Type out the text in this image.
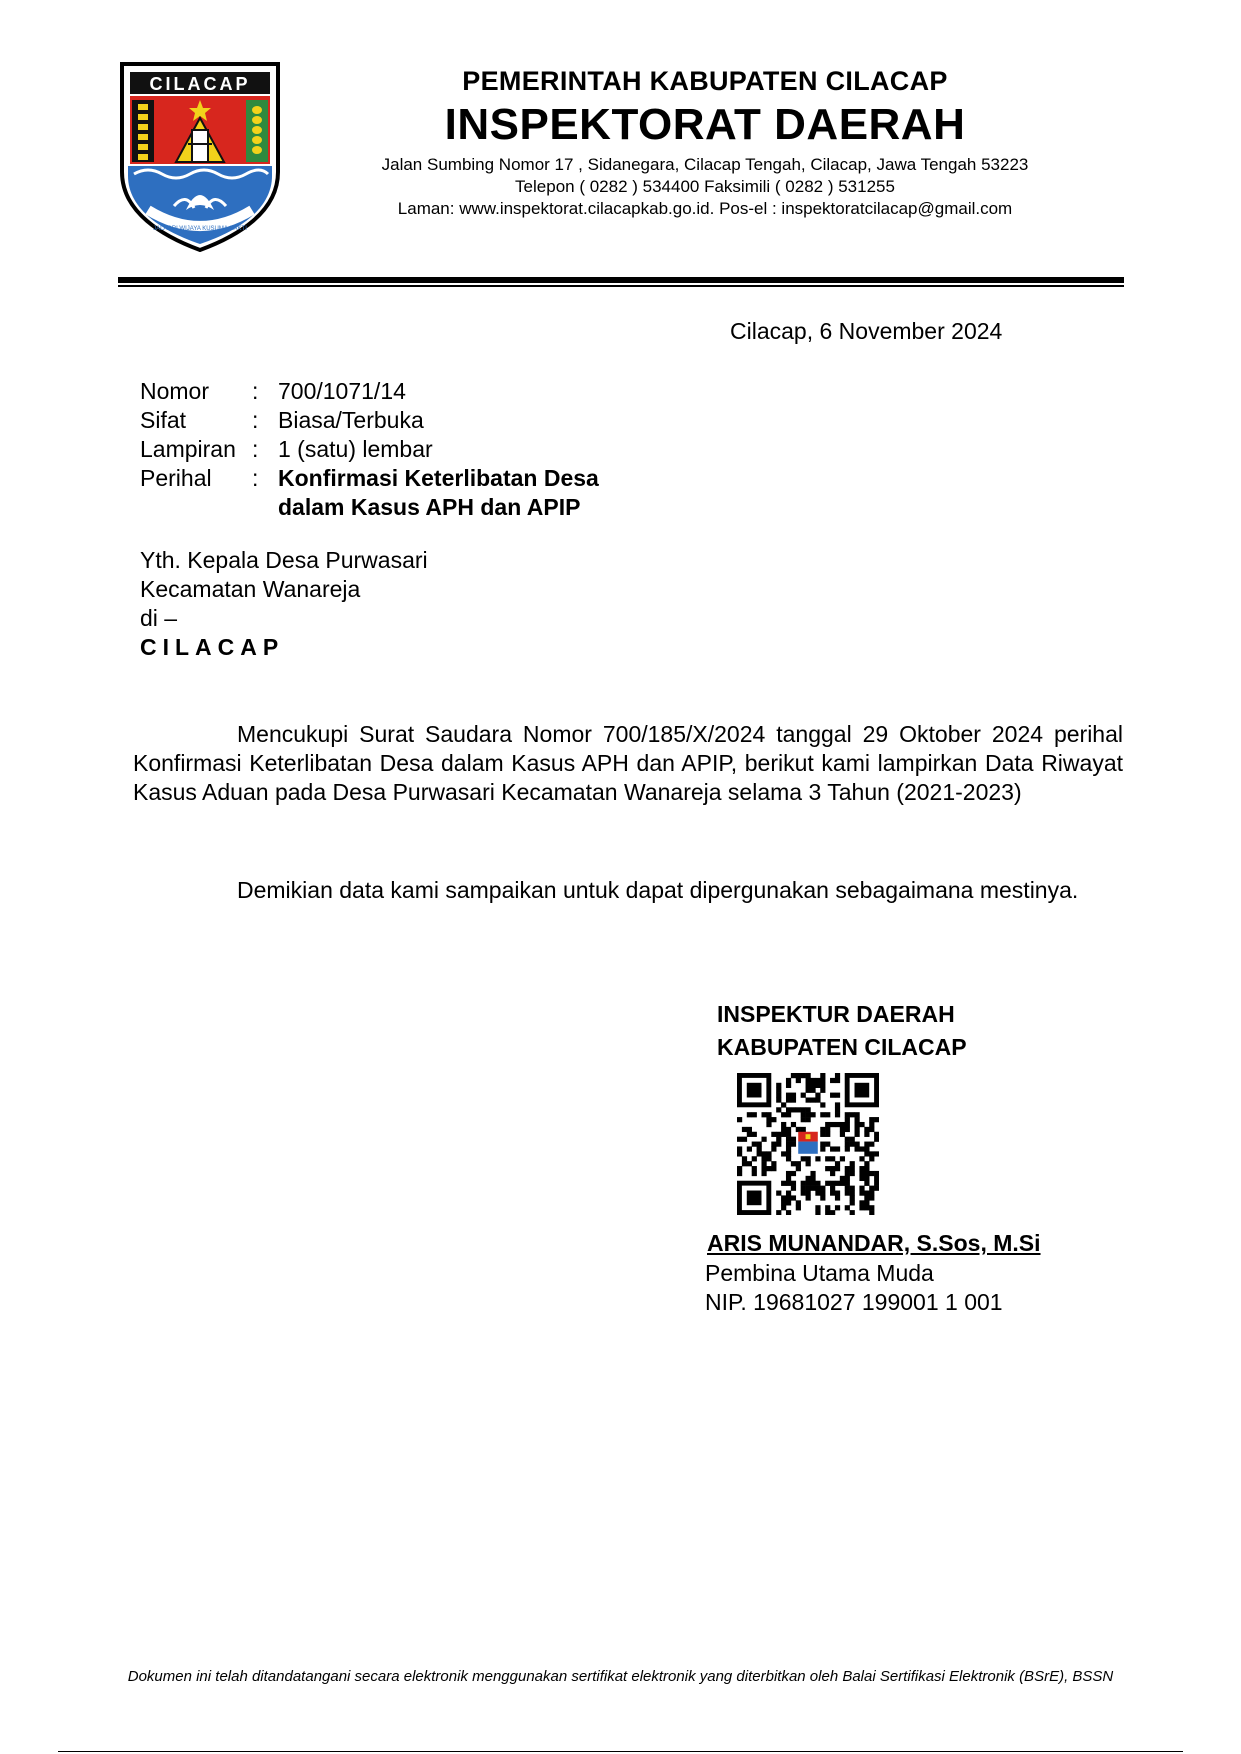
CILACAP
JALADRI WIJAYA KUSUMA CAKTI
PEMERINTAH KABUPATEN CILACAP
INSPEKTORAT DAERAH
Jalan Sumbing Nomor 17 , Sidanegara, Cilacap Tengah, Cilacap, Jawa Tengah 53223
Telepon ( 0282 ) 534400 Faksimili ( 0282 ) 531255
Laman: www.inspektorat.cilacapkab.go.id. Pos-el : inspektoratcilacap@gmail.com
Cilacap, 6 November 2024
Nomor	: 700/1071/14
Sifat	: Biasa/Terbuka
Lampiran : 1 (satu) lembar
Perihal	: Konfirmasi Keterlibatan Desa dalam Kasus APH dan APIP
Yth. Kepala Desa Purwasari
Kecamatan Wanareja
di –
CILACAP
Mencukupi Surat Saudara Nomor 700/185/X/2024 tanggal 29 Oktober 2024 perihal Konfirmasi Keterlibatan Desa dalam Kasus APH dan APIP, berikut kami lampirkan Data Riwayat Kasus Aduan pada Desa Purwasari Kecamatan Wanareja selama 3 Tahun (2021-2023)
Demikian data kami sampaikan untuk dapat dipergunakan sebagaimana mestinya.
INSPEKTUR DAERAH
KABUPATEN CILACAP
ARIS MUNANDAR, S.Sos, M.Si
Pembina Utama Muda
NIP. 19681027 199001 1 001
Dokumen ini telah ditandatangani secara elektronik menggunakan sertifikat elektronik yang diterbitkan oleh Balai Sertifikasi Elektronik (BSrE), BSSN
